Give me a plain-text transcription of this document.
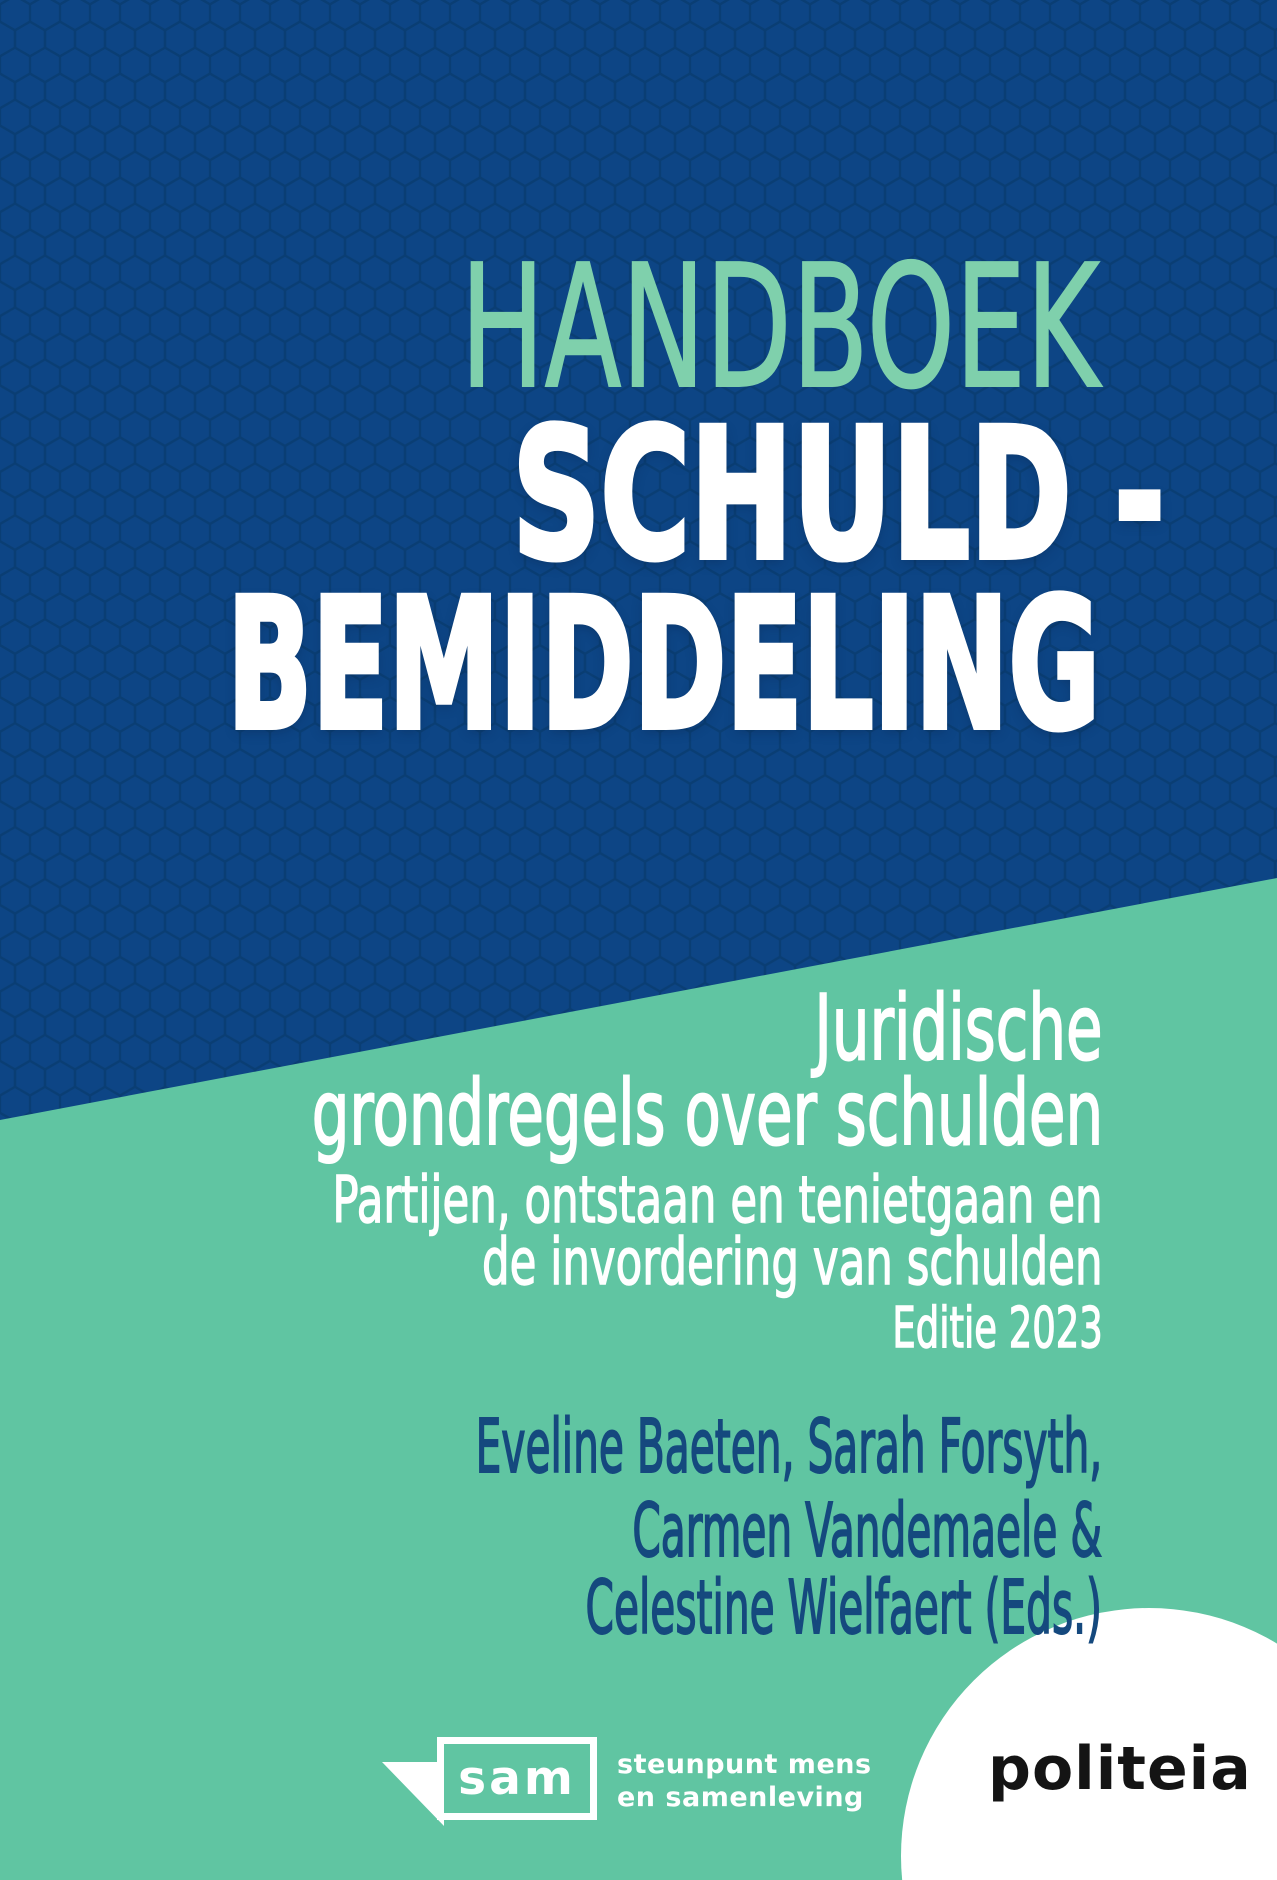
HANDBOEK
SCHULD -
BEMIDDELING
Juridische
grondregels over schulden
Partijen, ontstaan en tenietgaan en
de invordering van schulden
Editie 2023
Eveline Baeten, Sarah Forsyth,
Carmen Vandemaele &
Celestine Wielfaert (Eds.)
sam	steunpunt mens
en samenleving politeia
